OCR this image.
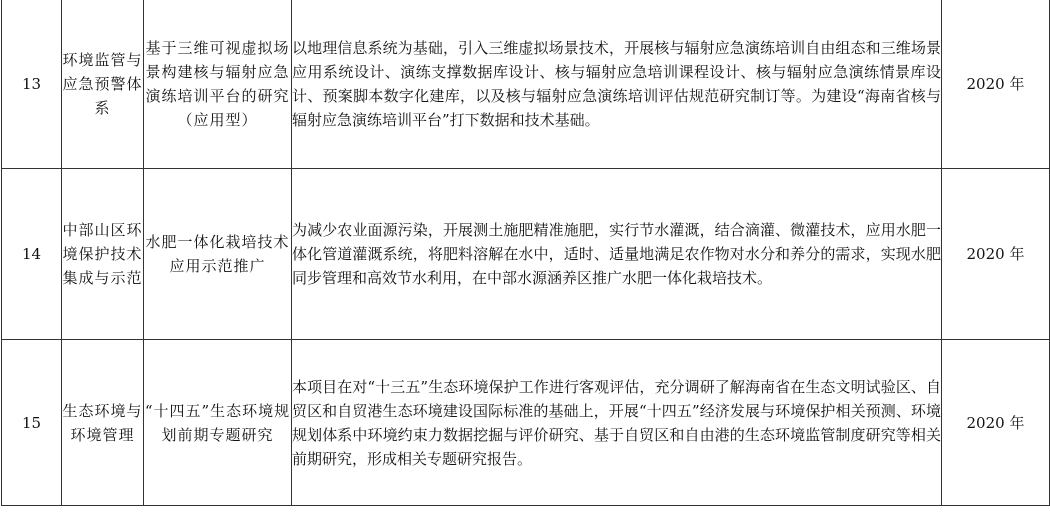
13	环境监管与应急预警体系	基于三维可视虚拟场景构建核与辐射应急演练培训平台的研究（应用型）	以地理信息系统为基础，引入三维虚拟场景技术，开展核与辐射应急演练培训自由组态和三维场景应用系统设计、演练支撑数据库设计、核与辐射应急培训课程设计、核与辐射应急演练情景库设计、预案脚本数字化建库，以及核与辐射应急演练培训评估规范研究制订等。为建设“海南省核与辐射应急演练培训平台”打下数据和技术基础。	2020 年
14	中部山区环境保护技术集成与示范	水肥一体化栽培技术应用示范推广	为减少农业面源污染，开展测土施肥精准施肥，实行节水灌溉，结合滴灌、微灌技术，应用水肥一体化管道灌溉系统，将肥料溶解在水中，适时、适量地满足农作物对水分和养分的需求，实现水肥同步管理和高效节水利用，在中部水源涵养区推广水肥一体化栽培技术。	2020 年
15	生态环境与环境管理	“十四五”生态环境规划前期专题研究	本项目在对“十三五”生态环境保护工作进行客观评估，充分调研了解海南省在生态文明试验区、自贸区和自贸港生态环境建设国际标准的基础上，开展“十四五”经济发展与环境保护相关预测、环境规划体系中环境约束力数据挖掘与评价研究、基于自贸区和自由港的生态环境监管制度研究等相关前期研究，形成相关专题研究报告。	2020 年
